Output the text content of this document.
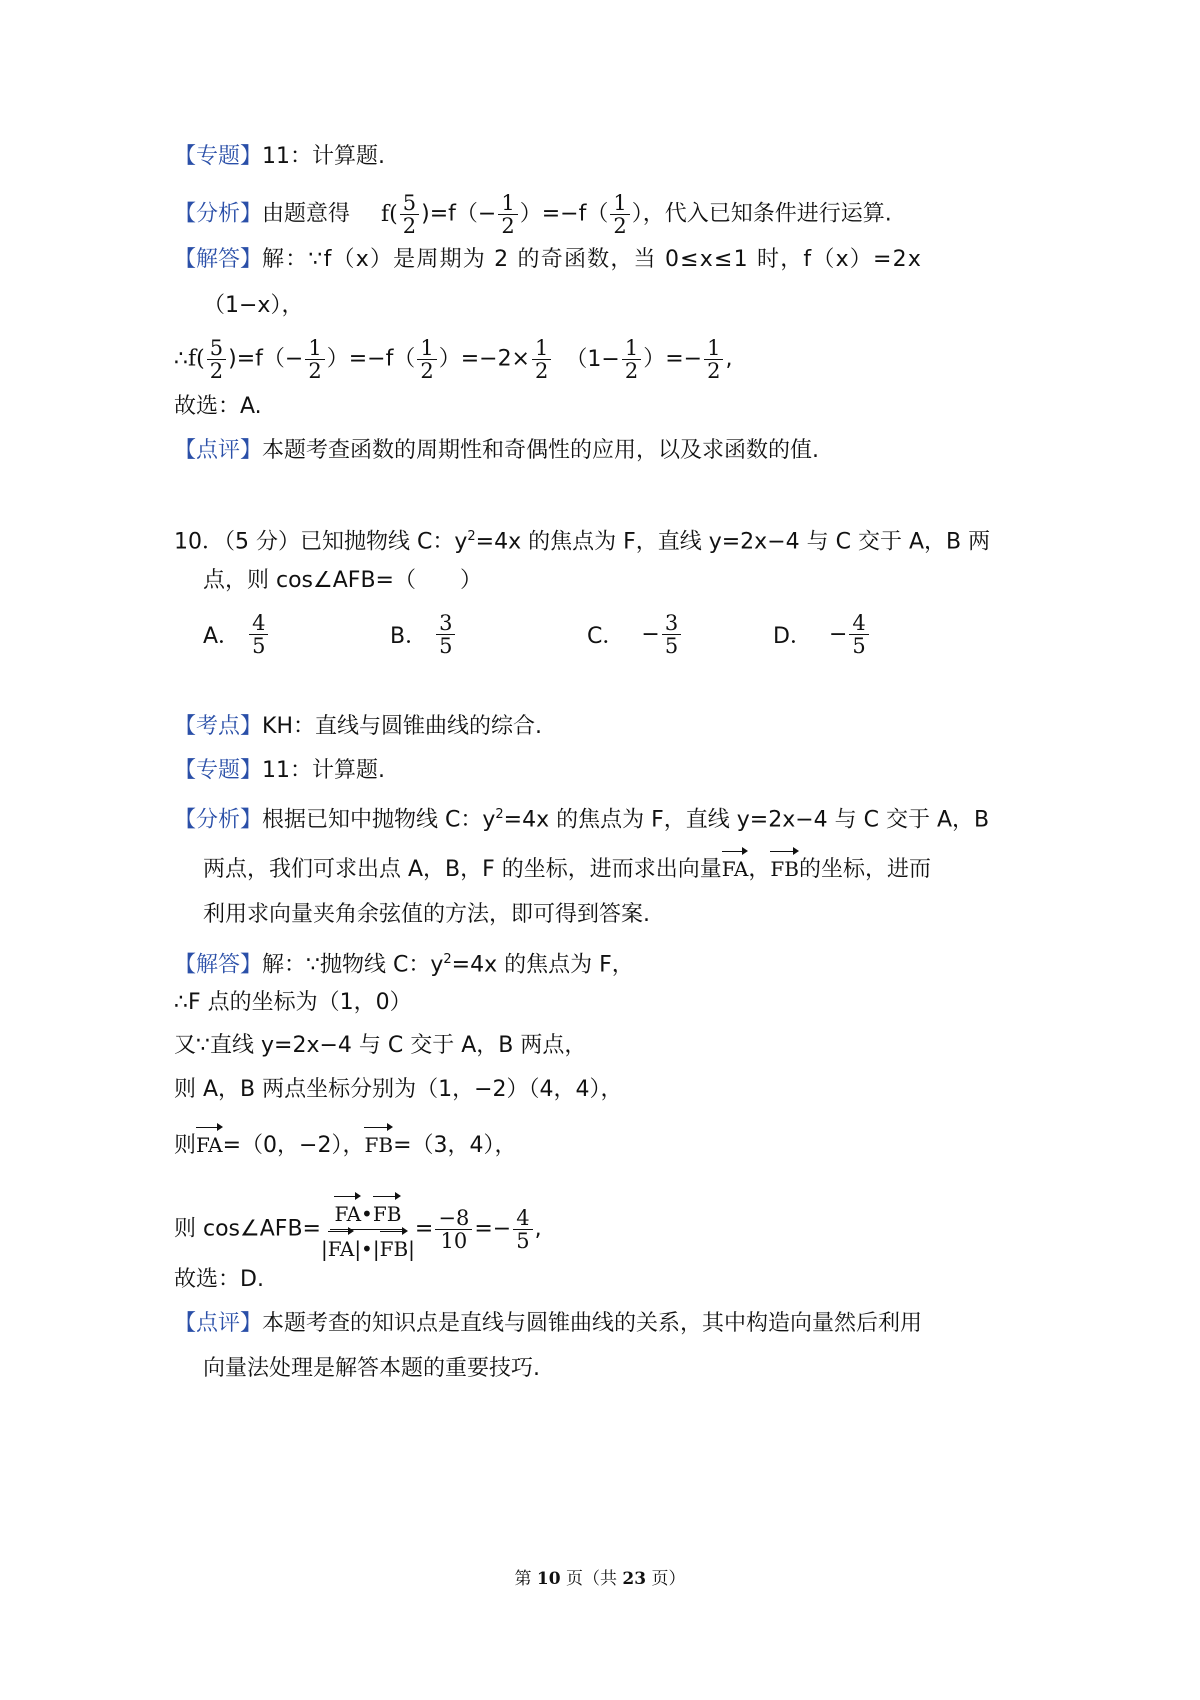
【专题】11：计算题.
【分析】由题意得 $f( \frac{5}{2} )=f(- \frac{1}{2} )=-f( \frac{1}{2}$ ），代入已知条件进行运算.
【解答】解：∵f（x）是周期为 2 的奇函数，当 0≤x≤1 时，f（x）=2x
（1−x），
∴f( $\frac{5}{2} )=f(- \frac{1}{2} )=-f( \frac{1}{2} )=-2\times \frac{1}{2} (1- \frac{1}{2}$ ）=− $\frac{1}{2}$ ,
故选：A.
【点评】本题考查函数的周期性和奇偶性的应用，以及求函数的值.
10．（5 分）已知抛物线 C：$y^2=4x$ 的焦点为 F，直线 y=2x−4 与 C 交于 A，B 两
点，则 cos∠AFB=（　　）
A． $\frac{4}{5}$	B． $\frac{3}{5}$	C． − $\frac{3}{5}$	D． − $\frac{4}{5}$
【考点】KH：直线与圆锥曲线的综合.
【专题】11：计算题.
【分析】根据已知中抛物线 C：$y^2=4x$ 的焦点为 F，直线 y=2x−4 与 C 交于 A，B
两点，我们可求出点 A，B，F 的坐标，进而求出向量FA，FB的坐标，进而
利用求向量夹角余弦值的方法，即可得到答案.
【解答】解：∵抛物线 C：$y^2=4x$ 的焦点为 F，
∴F 点的坐标为（1，0）
又∵直线 y=2x−4 与 C 交于 A，B 两点，
则 A，B 两点坐标分别为（1，−2）（4，4），
则FA=（0，−2），FB=（3，4），
则 cos∠AFB= $\frac{FA•FB}{|FA|•|FB|} = \frac{-8}{10} =- \frac{4}{5}$ ,
故选：D.
【点评】本题考查的知识点是直线与圆锥曲线的关系，其中构造向量然后利用
向量法处理是解答本题的重要技巧.
第 10 页（共 23 页）
